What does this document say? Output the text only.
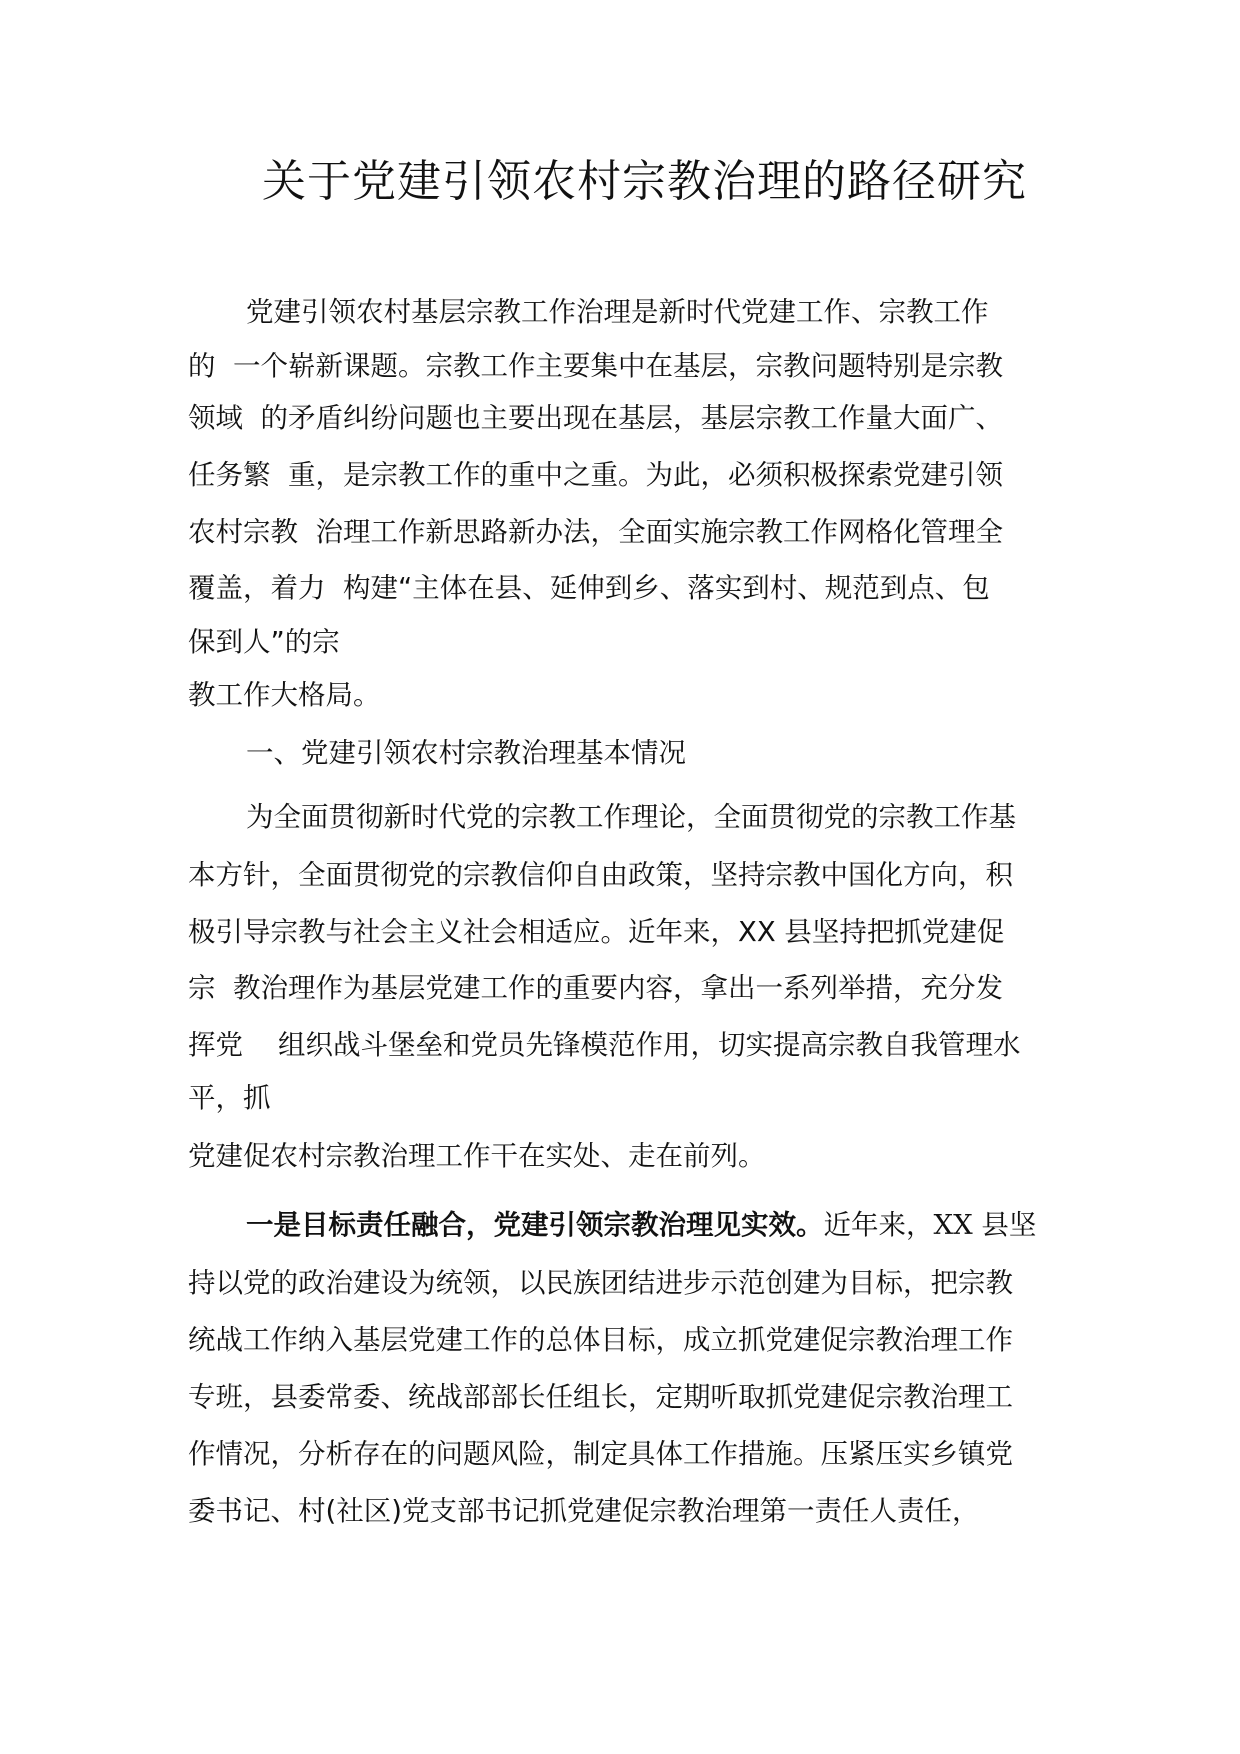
关于党建引领农村宗教治理的路径研究
党建引领农村基层宗教工作治理是新时代党建工作、宗教工作
的  一个崭新课题。宗教工作主要集中在基层，宗教问题特别是宗教
领域  的矛盾纠纷问题也主要出现在基层，基层宗教工作量大面广、
任务繁  重，是宗教工作的重中之重。为此，必须积极探索党建引领
农村宗教  治理工作新思路新办法，全面实施宗教工作网格化管理全
覆盖，着力  构建“主体在县、延伸到乡、落实到村、规范到点、包
保到人”的宗
教工作大格局。
一、党建引领农村宗教治理基本情况
为全面贯彻新时代党的宗教工作理论，全面贯彻党的宗教工作基
本方针，全面贯彻党的宗教信仰自由政策，坚持宗教中国化方向，积
极引导宗教与社会主义社会相适应。近年来，XX 县坚持把抓党建促
宗  教治理作为基层党建工作的重要内容，拿出一系列举措，充分发
挥党    组织战斗堡垒和党员先锋模范作用，切实提高宗教自我管理水
平，抓
党建促农村宗教治理工作干在实处、走在前列。
一是目标责任融合，党建引领宗教治理见实效。近年来，XX 县坚
持以党的政治建设为统领，以民族团结进步示范创建为目标，把宗教
统战工作纳入基层党建工作的总体目标，成立抓党建促宗教治理工作
专班，县委常委、统战部部长任组长，定期听取抓党建促宗教治理工
作情况，分析存在的问题风险，制定具体工作措施。压紧压实乡镇党
委书记、村(社区)党支部书记抓党建促宗教治理第一责任人责任，
